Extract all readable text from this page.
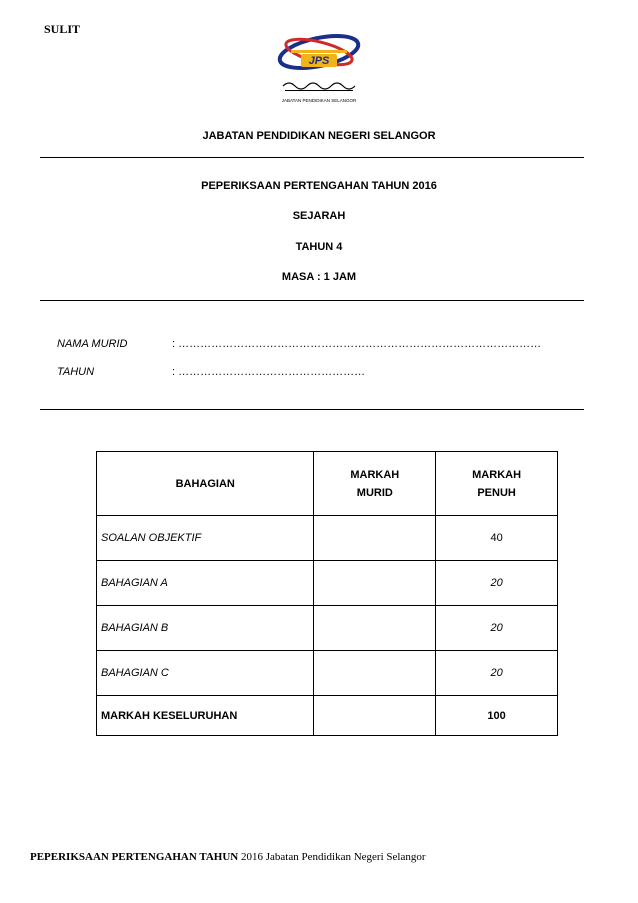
SULIT
JPS
JABATAN PENDIDIKAN SELANGOR
JABATAN PENDIDIKAN NEGERI SELANGOR
PEPERIKSAAN PERTENGAHAN TAHUN 2016
SEJARAH
TAHUN 4
MASA : 1 JAM
NAMA MURID	: ………………………………………………………………………………………
TAHUN	: ……………………………………………
BAHAGIAN	MARKAH MURID	MARKAH PENUH
SOALAN OBJEKTIF		40
BAHAGIAN A		20
BAHAGIAN B		20
BAHAGIAN C		20
MARKAH KESELURUHAN		100
PEPERIKSAAN PERTENGAHAN TAHUN 2016 Jabatan Pendidikan Negeri Selangor
